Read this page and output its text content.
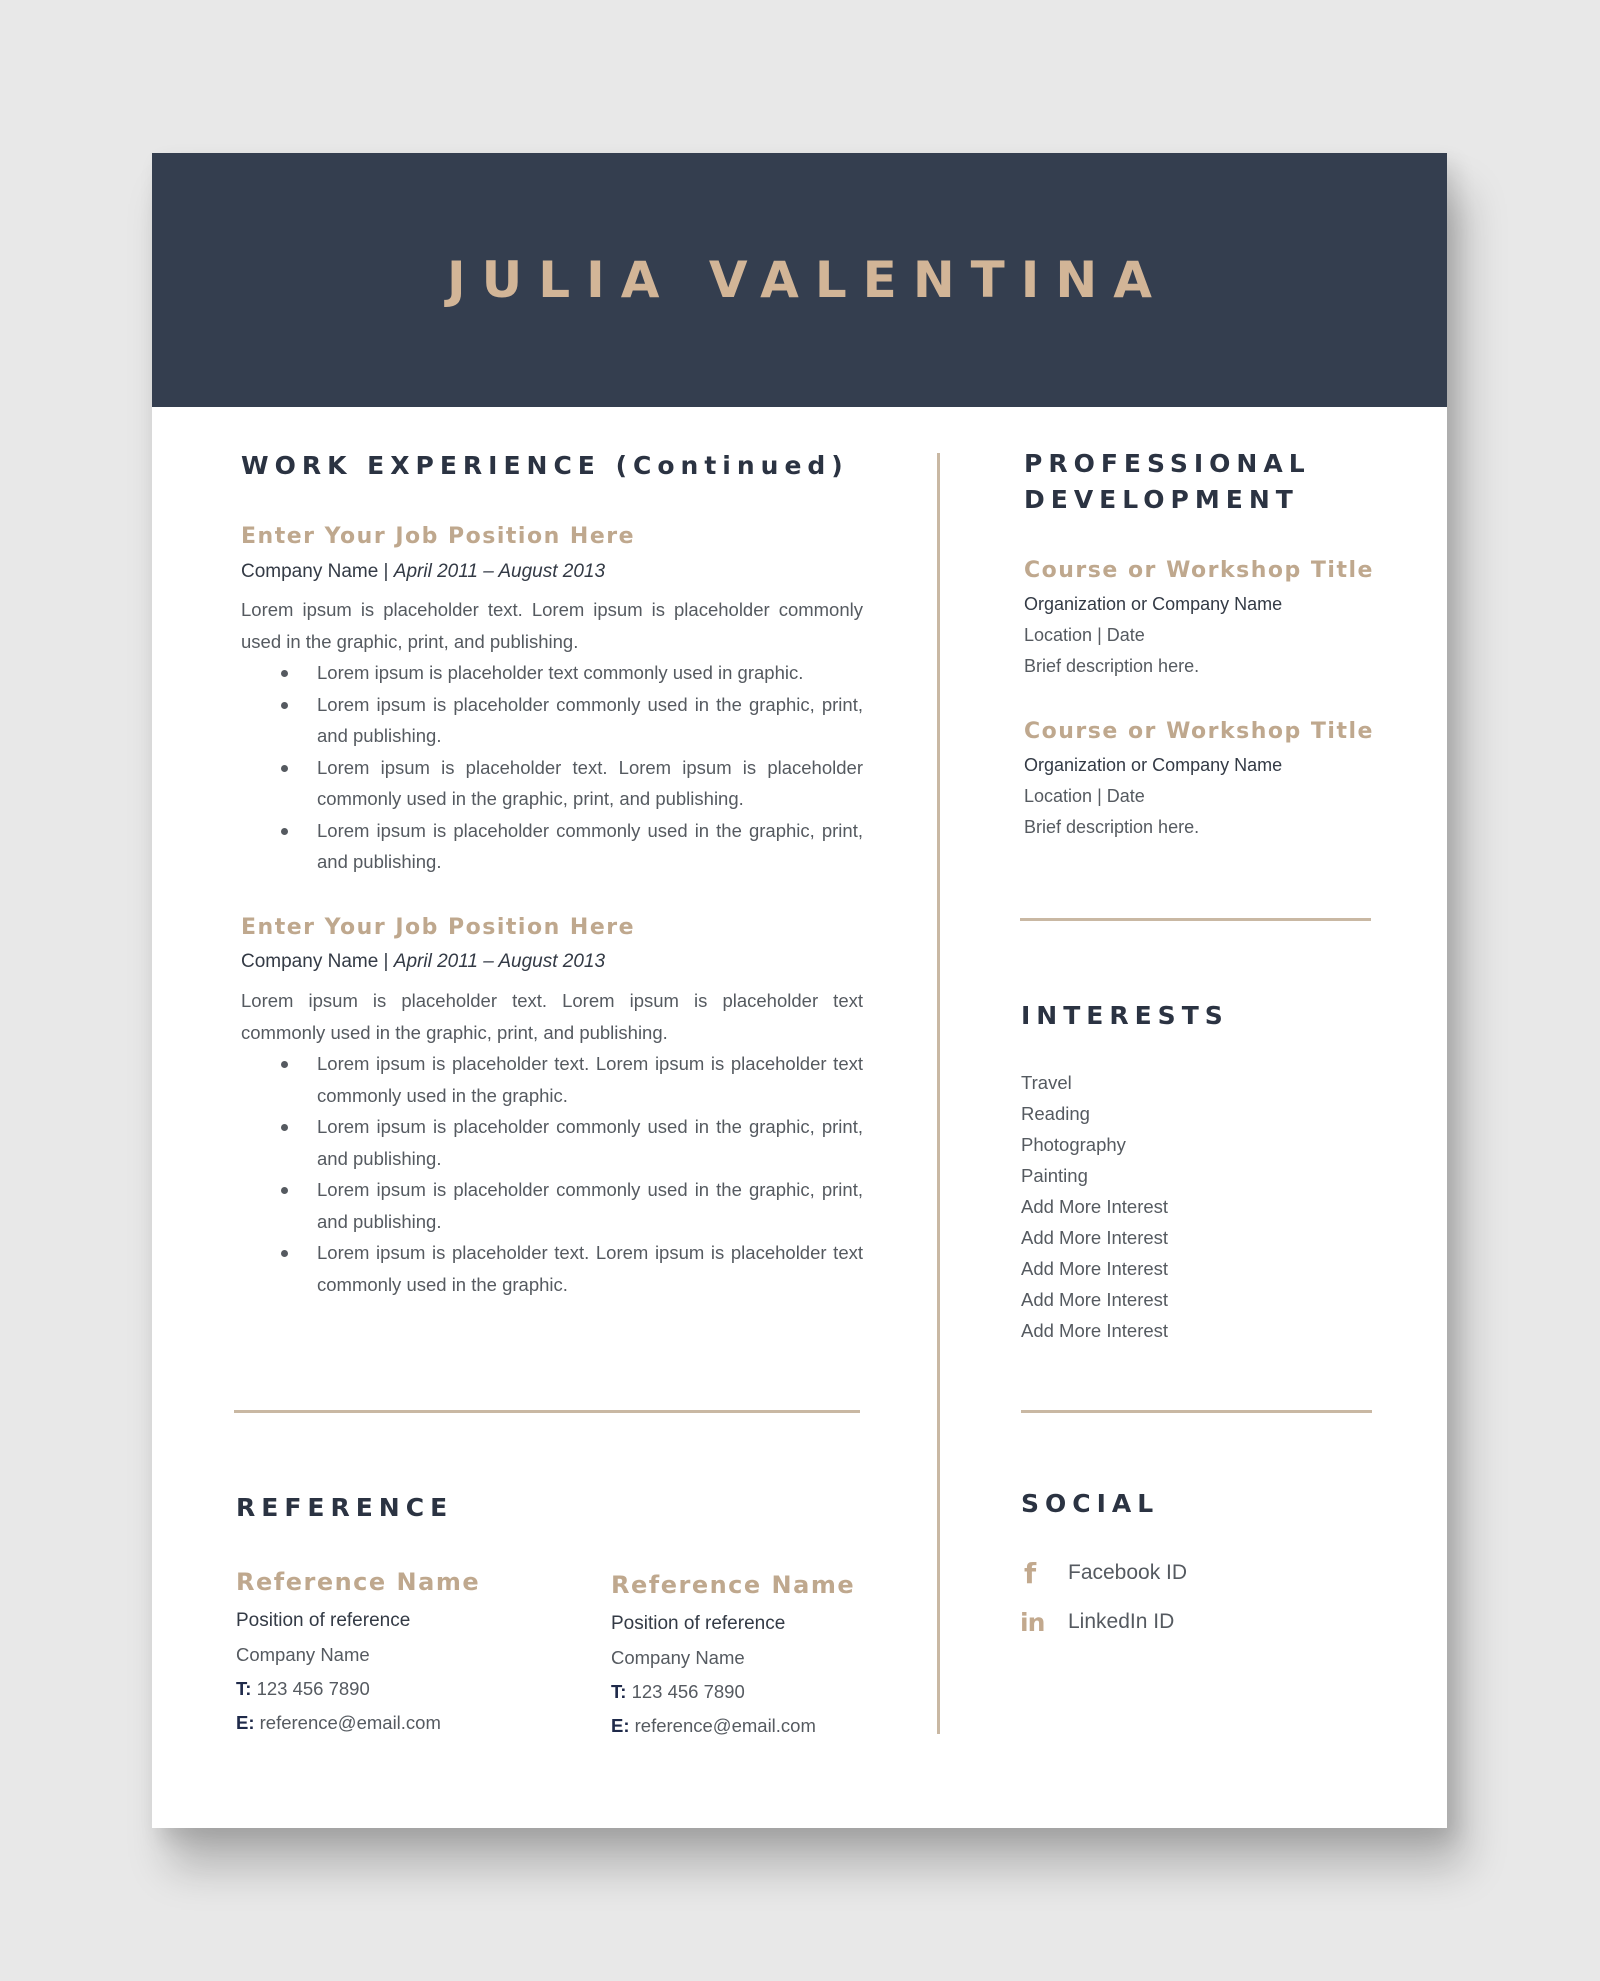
JULIA VALENTINA
WORK EXPERIENCE (Continued)
Enter Your Job Position Here
Company Name | April 2011 – August 2013
Lorem ipsum is placeholder text. Lorem ipsum is placeholder commonly used in the graphic, print, and publishing.
Lorem ipsum is placeholder text commonly used in graphic.
Lorem ipsum is placeholder commonly used in the graphic, print, and publishing.
Lorem ipsum is placeholder text. Lorem ipsum is placeholder commonly used in the graphic, print, and publishing.
Lorem ipsum is placeholder commonly used in the graphic, print, and publishing.
Enter Your Job Position Here
Company Name | April 2011 – August 2013
Lorem ipsum is placeholder text. Lorem ipsum is placeholder text commonly used in the graphic, print, and publishing.
Lorem ipsum is placeholder text. Lorem ipsum is placeholder text commonly used in the graphic.
Lorem ipsum is placeholder commonly used in the graphic, print, and publishing.
Lorem ipsum is placeholder commonly used in the graphic, print, and publishing.
Lorem ipsum is placeholder text. Lorem ipsum is placeholder text commonly used in the graphic.
REFERENCE
Reference Name
Position of reference
Company Name
T: 123 456 7890
E: reference@email.com
Reference Name
Position of reference
Company Name
T: 123 456 7890
E: reference@email.com
PROFESSIONAL
DEVELOPMENT
Course or Workshop Title
Organization or Company Name
Location | Date
Brief description here.
Course or Workshop Title
Organization or Company Name
Location | Date
Brief description here.
INTERESTS
Travel
Reading
Photography
Painting
Add More Interest
Add More Interest
Add More Interest
Add More Interest
Add More Interest
SOCIAL
f Facebook ID
in LinkedIn ID
